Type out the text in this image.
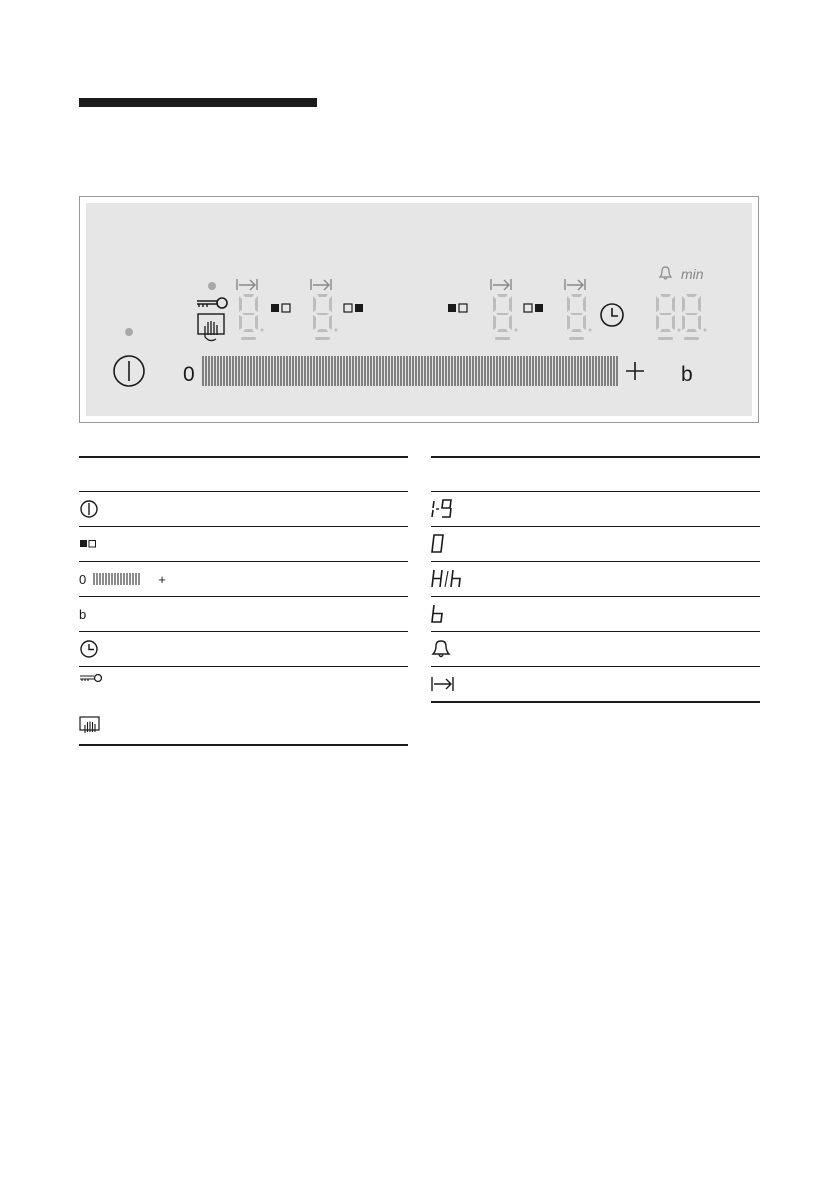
min
0	b
0	+
b
